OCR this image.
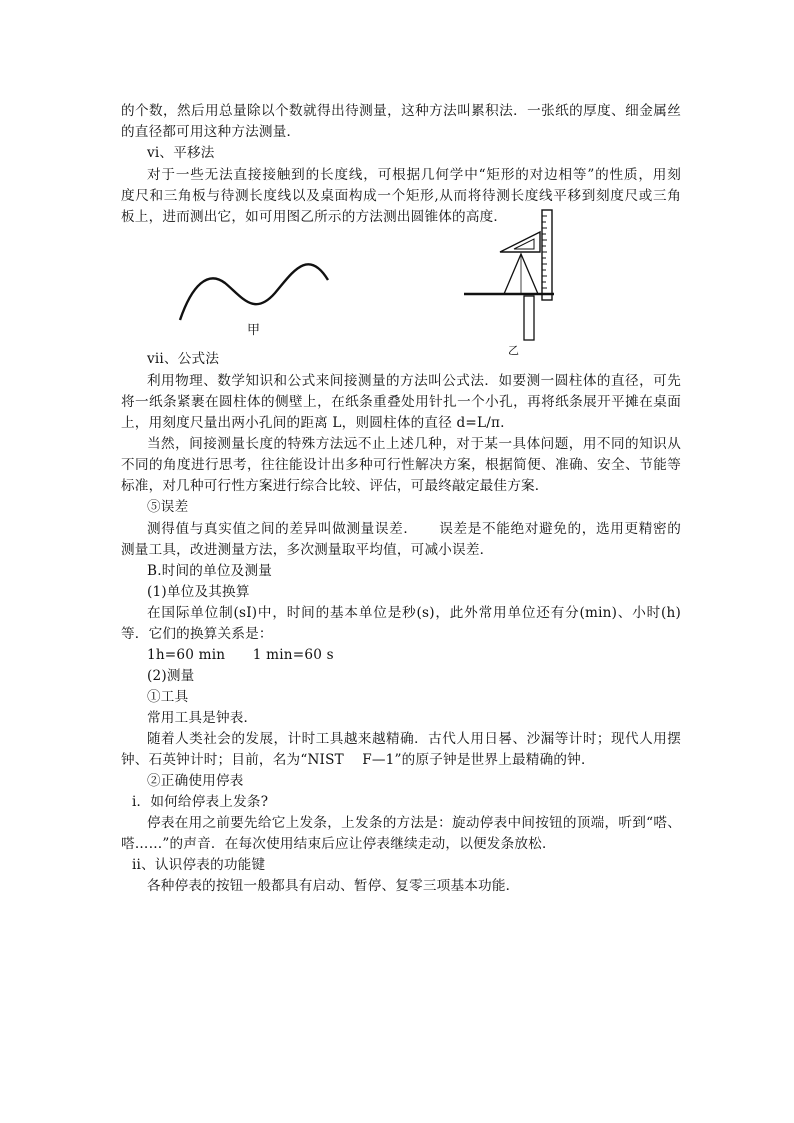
的个数，然后用总量除以个数就得出待测量，这种方法叫累积法．一张纸的厚度、细金属丝
的直径都可用这种方法测量．
vi、平移法
对于一些无法直接接触到的长度线，可根据几何学中“矩形的对边相等”的性质，用刻
度尺和三角板与待测长度线以及桌面构成一个矩形,从而将待测长度线平移到刻度尺或三角
板上，进而测出它，如可用图乙所示的方法测出圆锥体的高度．
甲
乙
vii、公式法
利用物理、数学知识和公式来间接测量的方法叫公式法．如要测一圆柱体的直径，可先
将一纸条紧裹在圆柱体的侧壁上，在纸条重叠处用针扎一个小孔，再将纸条展开平摊在桌面
上，用刻度尺量出两小孔间的距离 L，则圆柱体的直径 d=L/π.
当然，间接测量长度的特殊方法远不止上述几种，对于某一具体问题，用不同的知识从
不同的角度进行思考，往往能设计出多种可行性解决方案，根据简便、准确、安全、节能等
标准，对几种可行性方案进行综合比较、评估，可最终敲定最佳方案．
⑤误差
测得值与真实值之间的差异叫做测量误差．　　误差是不能绝对避免的，选用更精密的
测量工具，改进测量方法，多次测量取平均值，可减小误差．
B.时间的单位及测量
(1)单位及其换算
在国际单位制(sI)中，时间的基本单位是秒(s)，此外常用单位还有分(min)、小时(h)
等．它们的换算关系是：
1h=60 min　　1 min=60 s
(2)测量
①工具
常用工具是钟表．
随着人类社会的发展，计时工具越来越精确．古代人用日晷、沙漏等计时；现代人用摆
钟、石英钟计时；目前，名为“NIST　 F—1”的原子钟是世界上最精确的钟．
②正确使用停表
i．如何给停表上发条?
停表在用之前要先给它上发条，上发条的方法是：旋动停表中间按钮的顶端，听到“嗒、
嗒……”的声音．在每次使用结束后应让停表继续走动，以便发条放松．
ii、认识停表的功能键
各种停表的按钮一般都具有启动、暂停、复零三项基本功能．
